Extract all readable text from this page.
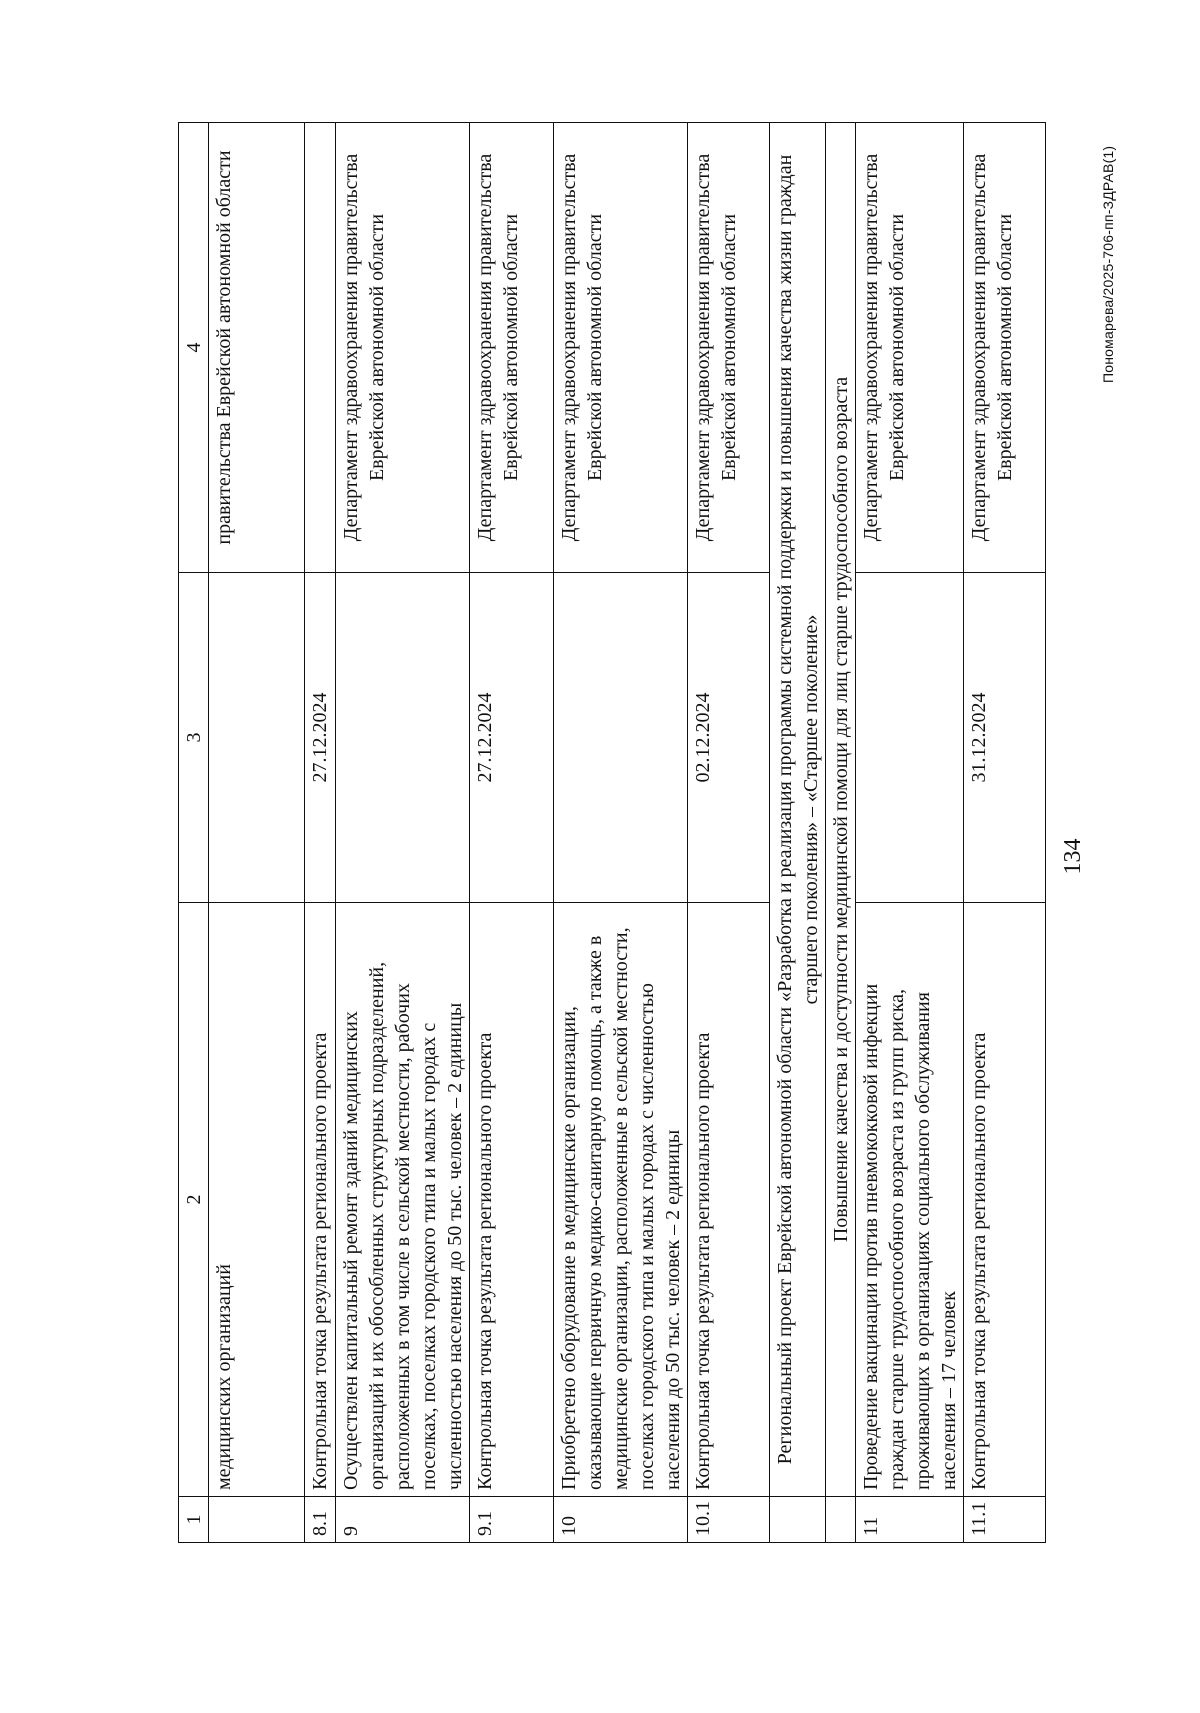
134
1	2	3	4
	медицинских организаций		правительства Еврейской автономной области
8.1	Контрольная точка результата регионального проекта	27.12.2024	
9	Осуществлен капитальный ремонт зданий медицинских организаций и их обособленных структурных подразделений, расположенных в том числе в сельской местности, рабочих поселках, поселках городского типа и малых городах с численностью населения до 50 тыс. человек – 2 единицы		Департамент здравоохранения правительства Еврейской автономной области
9.1	Контрольная точка результата регионального проекта	27.12.2024	Департамент здравоохранения правительства Еврейской автономной области
10	Приобретено оборудование в медицинские организации, оказывающие первичную медико-санитарную помощь, а также в медицинские организации, расположенные в сельской местности, поселках городского типа и малых городах с численностью населения до 50 тыс. человек – 2 единицы		Департамент здравоохранения правительства Еврейской автономной области
10.1	Контрольная точка результата регионального проекта	02.12.2024	Департамент здравоохранения правительства Еврейской автономной области
	Региональный проект Еврейской автономной области «Разработка и реализация программы системной поддержки и повышения качества жизни граждан старшего поколения» – «Старшее поколение»		
	Повышение качества и доступности медицинской помощи для лиц старше трудоспособного возраста		
11	Проведение вакцинации против пневмококковой инфекции граждан старше трудоспособного возраста из групп риска, проживающих в организациях социального обслуживания населения – 17 человек		Департамент здравоохранения правительства Еврейской автономной области
11.1	Контрольная точка результата регионального проекта	31.12.2024	Департамент здравоохранения правительства Еврейской автономной области	Пономарева/2025-706-пп-ЗДРАВ(1)
